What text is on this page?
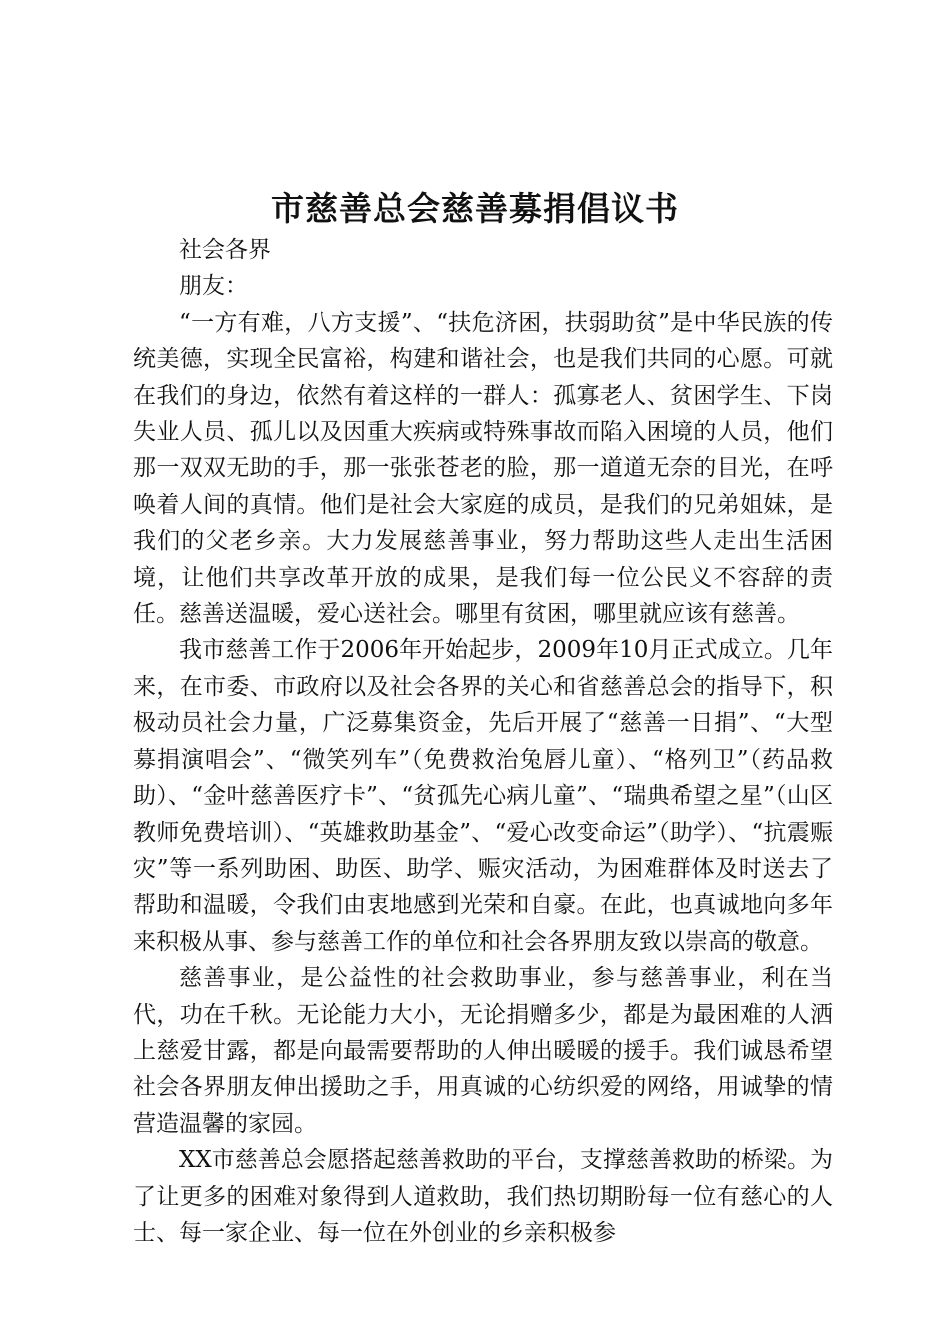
市慈善总会慈善募捐倡议书

社会各界

朋友：

“一方有难，八方支援”、“扶危济困，扶弱助贫”是中华民族的传统美德，实现全民富裕，构建和谐社会，也是我们共同的心愿。可就在我们的身边，依然有着这样的一群人：孤寡老人、贫困学生、下岗失业人员、孤儿以及因重大疾病或特殊事故而陷入困境的人员，他们那一双双无助的手，那一张张苍老的脸，那一道道无奈的目光，在呼唤着人间的真情。他们是社会大家庭的成员，是我们的兄弟姐妹，是我们的父老乡亲。大力发展慈善事业，努力帮助这些人走出生活困境，让他们共享改革开放的成果，是我们每一位公民义不容辞的责任。慈善送温暖，爱心送社会。哪里有贫困，哪里就应该有慈善。

我市慈善工作于2006年开始起步，2009年10月正式成立。几年来，在市委、市政府以及社会各界的关心和省慈善总会的指导下，积极动员社会力量，广泛募集资金，先后开展了“慈善一日捐”、“大型募捐演唱会”、“微笑列车”（免费救治兔唇儿童）、“格列卫”（药品救助）、“金叶慈善医疗卡”、“贫孤先心病儿童”、“瑞典希望之星”（山区教师免费培训）、“英雄救助基金”、“爱心改变命运”（助学）、“抗震赈灾”等一系列助困、助医、助学、赈灾活动，为困难群体及时送去了帮助和温暖，令我们由衷地感到光荣和自豪。在此，也真诚地向多年来积极从事、参与慈善工作的单位和社会各界朋友致以崇高的敬意。

慈善事业，是公益性的社会救助事业，参与慈善事业，利在当代，功在千秋。无论能力大小，无论捐赠多少，都是为最困难的人洒上慈爱甘露，都是向最需要帮助的人伸出暖暖的援手。我们诚恳希望社会各界朋友伸出援助之手，用真诚的心纺织爱的网络，用诚挚的情营造温馨的家园。

XX市慈善总会愿搭起慈善救助的平台，支撑慈善救助的桥梁。为了让更多的困难对象得到人道救助，我们热切期盼每一位有慈心的人士、每一家企业、每一位在外创业的乡亲积极参
